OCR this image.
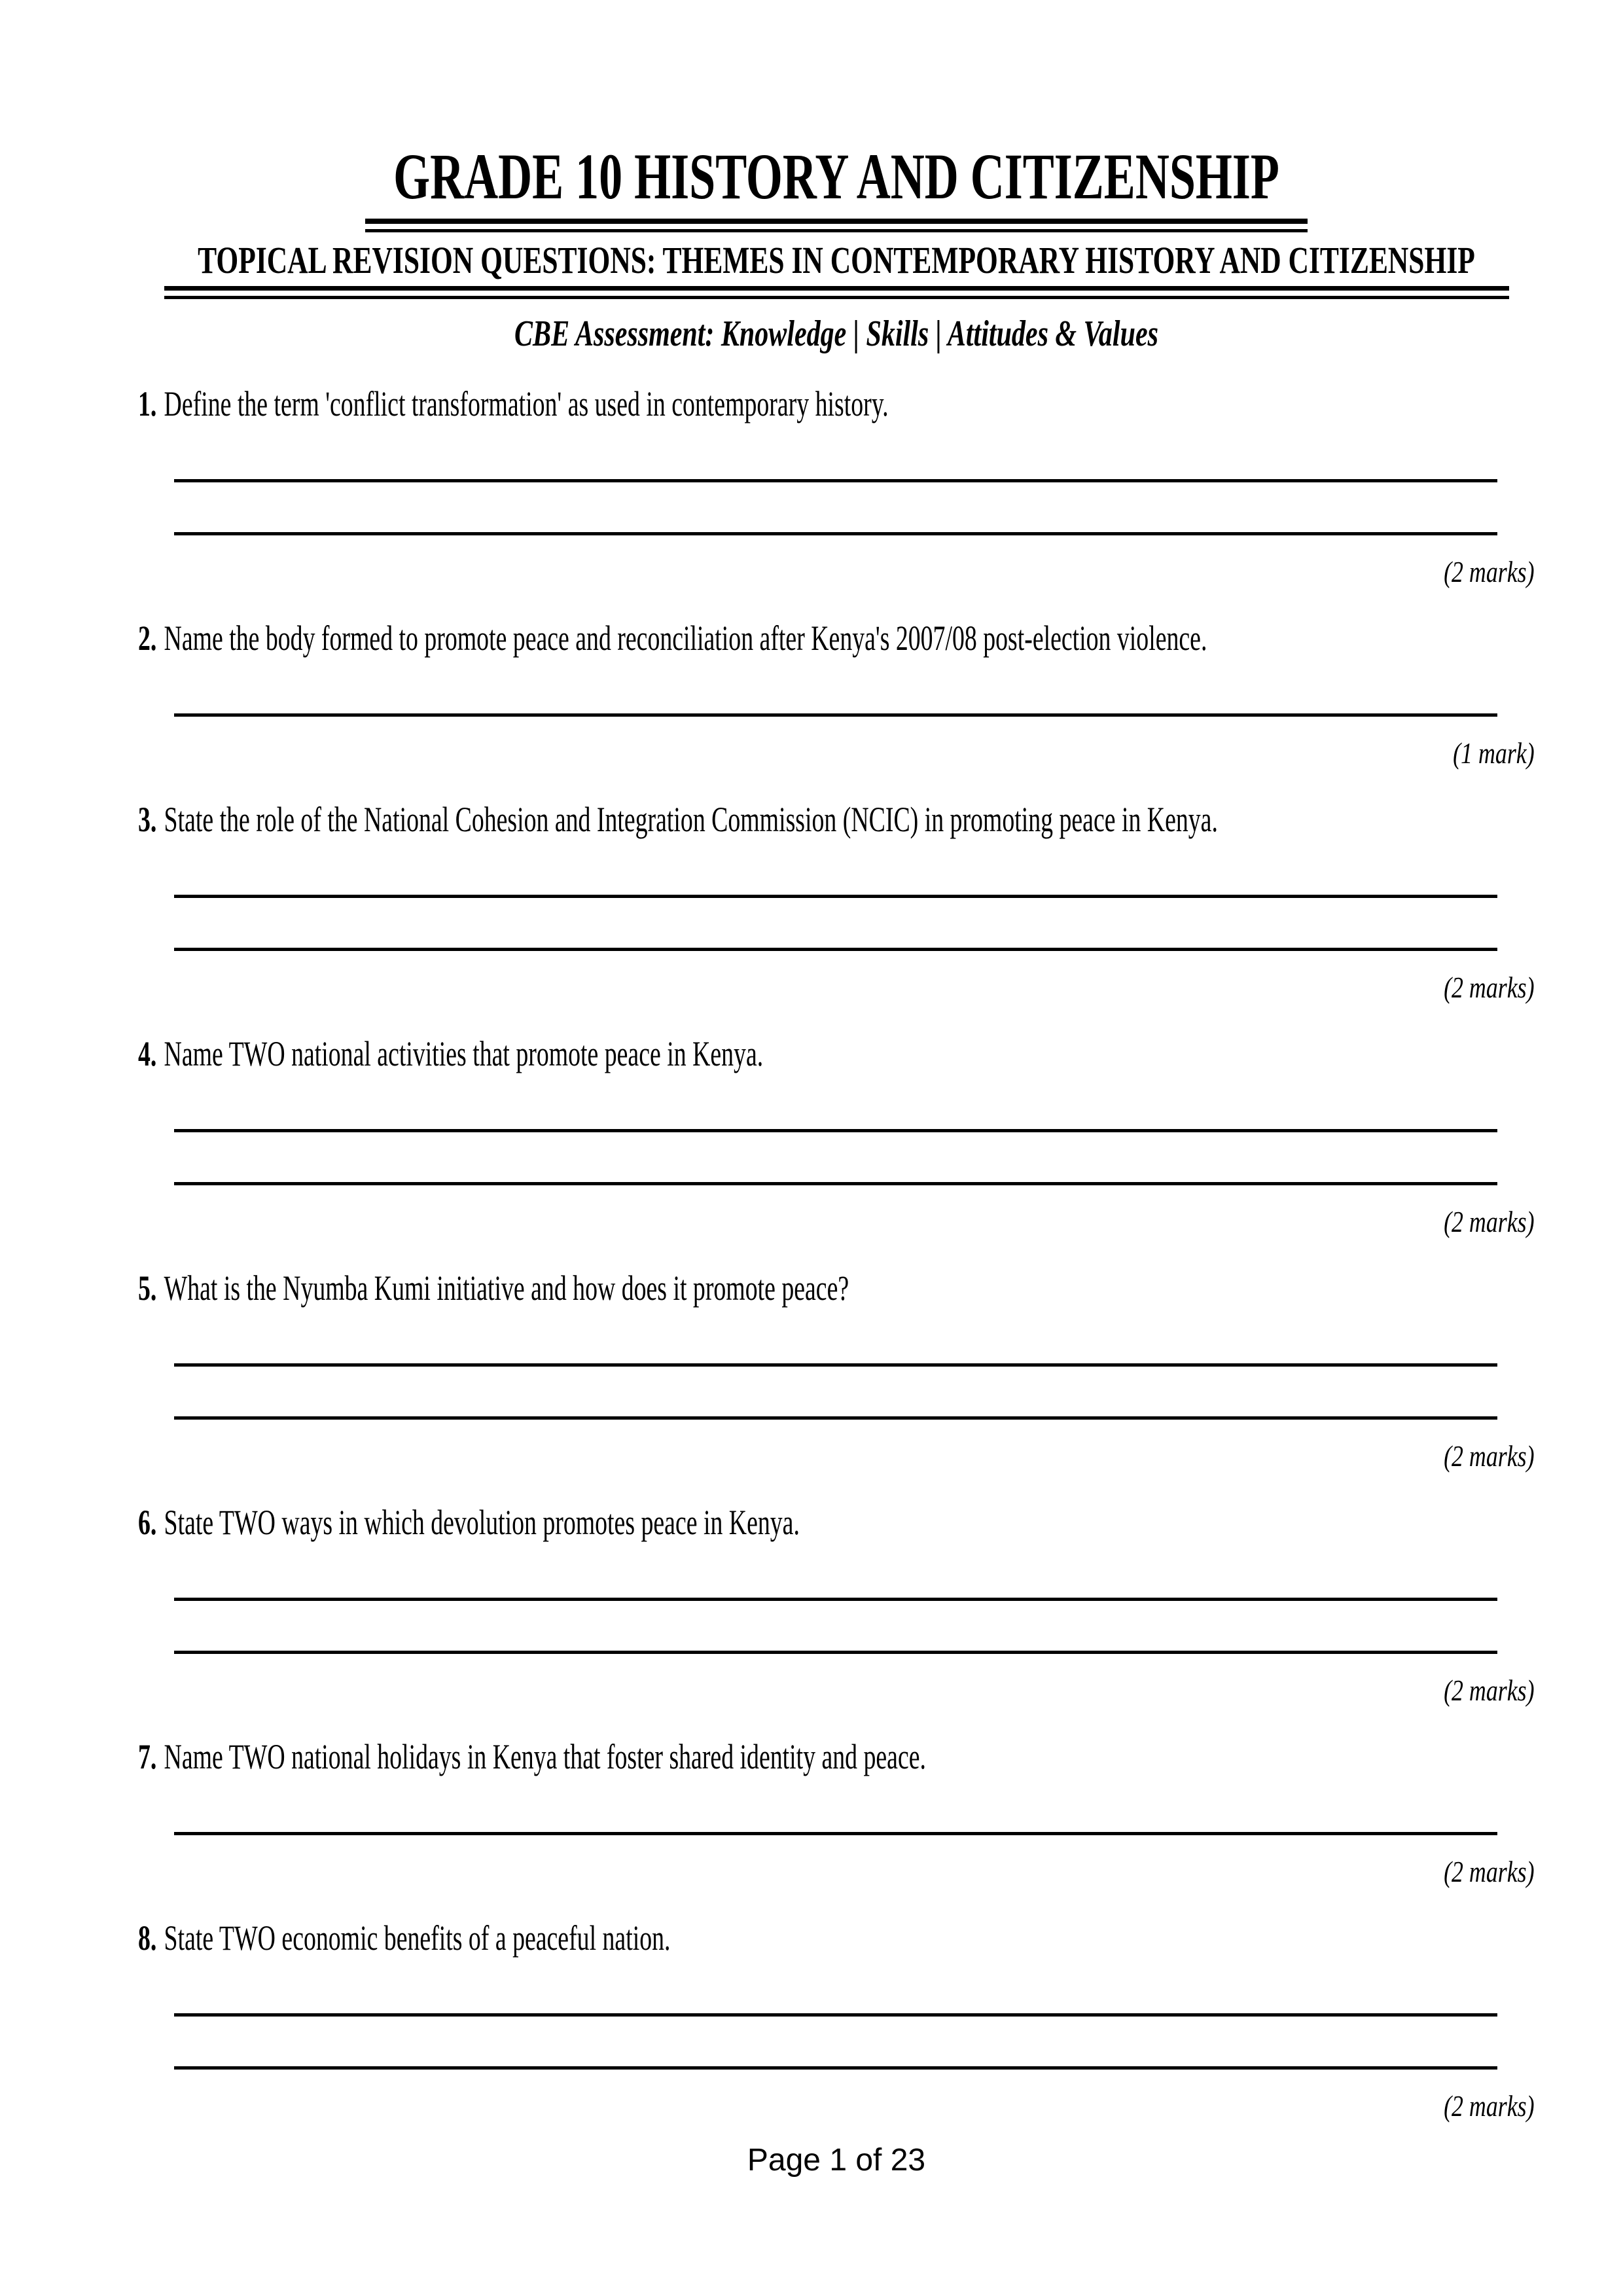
GRADE 10 HISTORY AND CITIZENSHIP
TOPICAL REVISION QUESTIONS: THEMES IN CONTEMPORARY HISTORY AND CITIZENSHIP
CBE Assessment: Knowledge | Skills | Attitudes & Values

1. Define the term 'conflict transformation' as used in contemporary history.

(2 marks)

2. Name the body formed to promote peace and reconciliation after Kenya's 2007/08 post-election violence.

(1 mark)

3. State the role of the National Cohesion and Integration Commission (NCIC) in promoting peace in Kenya.

(2 marks)

4. Name TWO national activities that promote peace in Kenya.

(2 marks)

5. What is the Nyumba Kumi initiative and how does it promote peace?

(2 marks)

6. State TWO ways in which devolution promotes peace in Kenya.

(2 marks)

7. Name TWO national holidays in Kenya that foster shared identity and peace.

(2 marks)

8. State TWO economic benefits of a peaceful nation.

(2 marks)
Page 1 of 23
